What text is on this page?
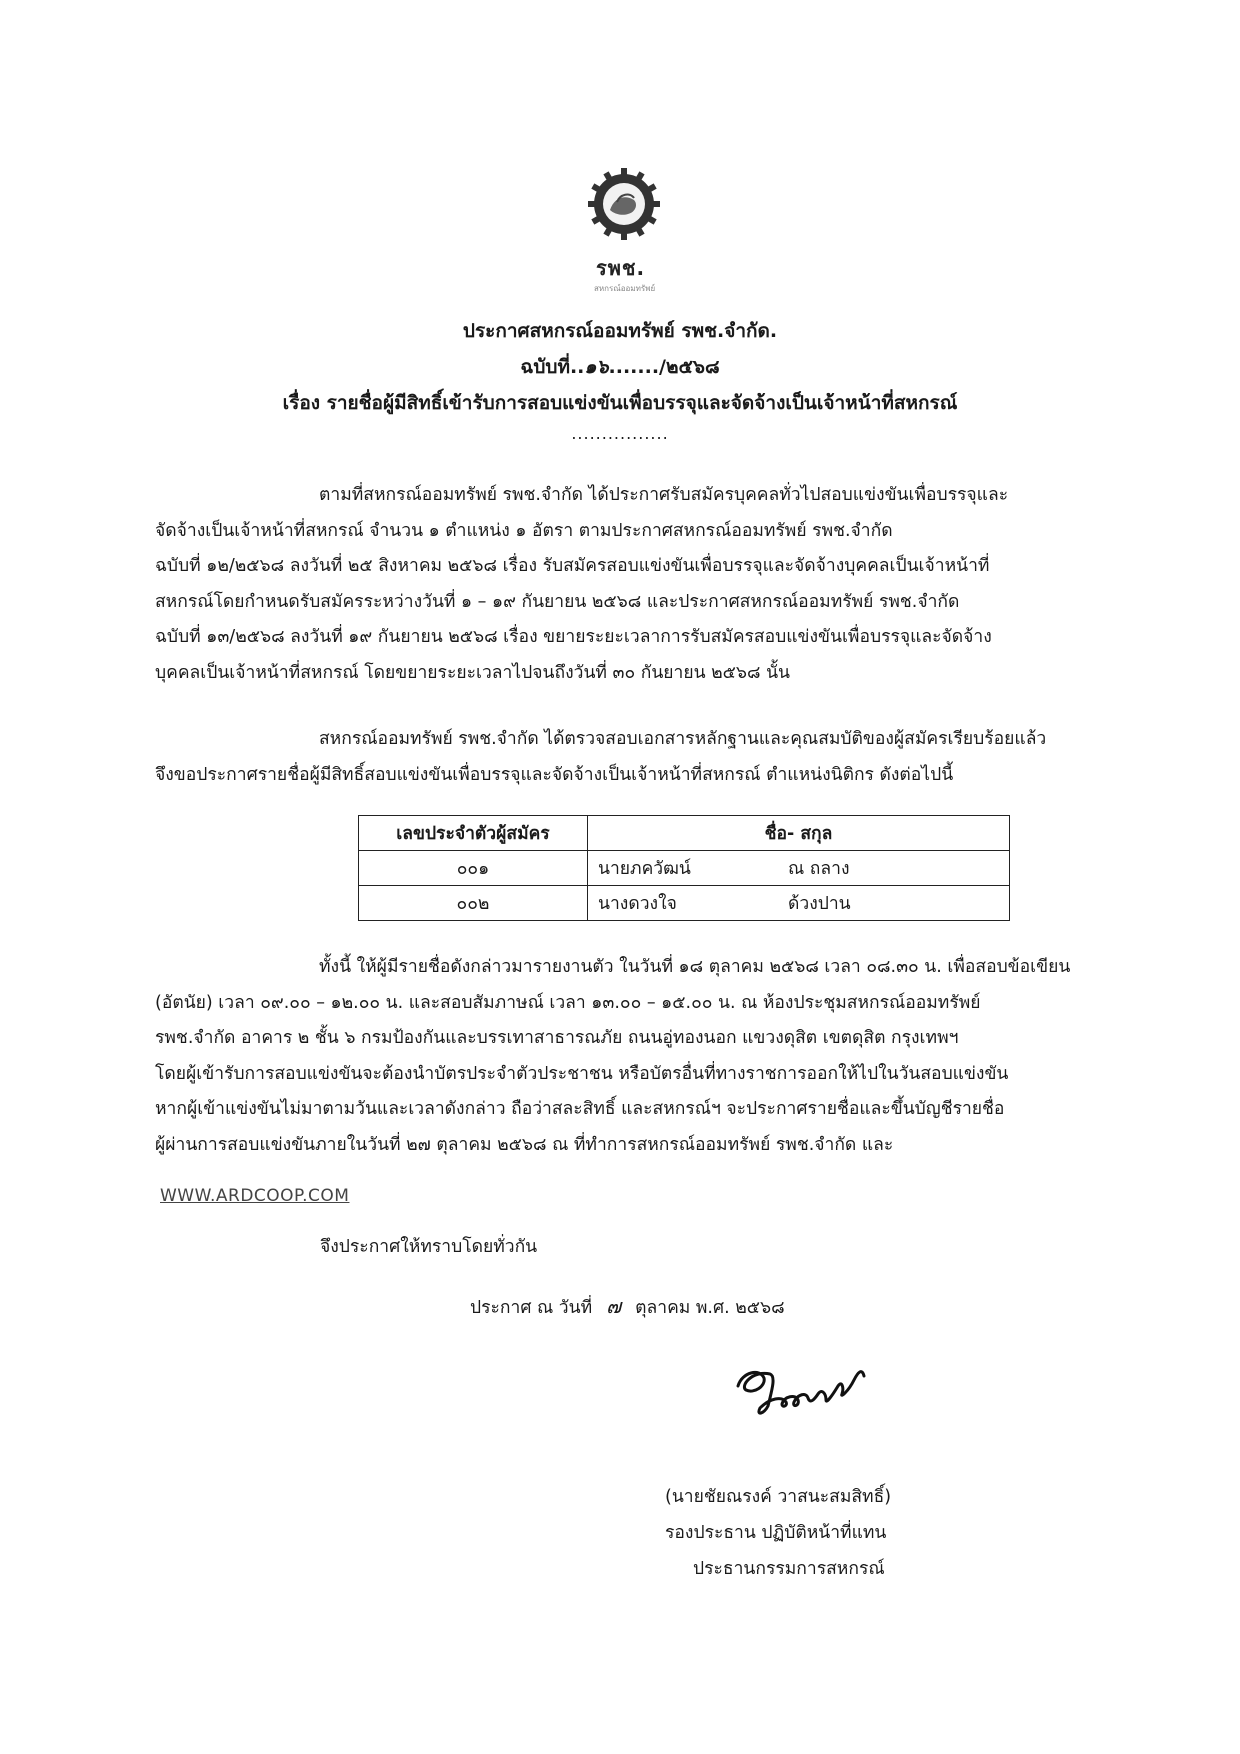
รพช.
สหกรณ์ออมทรัพย์
ประกาศสหกรณ์ออมทรัพย์ รพช.จำกัด.
ฉบับที่..๑๖......./๒๕๖๘
เรื่อง รายชื่อผู้มีสิทธิ์เข้ารับการสอบแข่งขันเพื่อบรรจุและจัดจ้างเป็นเจ้าหน้าที่สหกรณ์
................
ตามที่สหกรณ์ออมทรัพย์ รพช.จำกัด ได้ประกาศรับสมัครบุคคลทั่วไปสอบแข่งขันเพื่อบรรจุและ
จัดจ้างเป็นเจ้าหน้าที่สหกรณ์ จำนวน ๑ ตำแหน่ง ๑ อัตรา ตามประกาศสหกรณ์ออมทรัพย์ รพช.จำกัด
ฉบับที่ ๑๒/๒๕๖๘ ลงวันที่ ๒๕ สิงหาคม ๒๕๖๘ เรื่อง รับสมัครสอบแข่งขันเพื่อบรรจุและจัดจ้างบุคคลเป็นเจ้าหน้าที่
สหกรณ์โดยกำหนดรับสมัครระหว่างวันที่ ๑ – ๑๙ กันยายน ๒๕๖๘ และประกาศสหกรณ์ออมทรัพย์ รพช.จำกัด
ฉบับที่ ๑๓/๒๕๖๘ ลงวันที่ ๑๙ กันยายน ๒๕๖๘ เรื่อง ขยายระยะเวลาการรับสมัครสอบแข่งขันเพื่อบรรจุและจัดจ้าง
บุคคลเป็นเจ้าหน้าที่สหกรณ์ โดยขยายระยะเวลาไปจนถึงวันที่ ๓๐ กันยายน ๒๕๖๘ นั้น
สหกรณ์ออมทรัพย์ รพช.จำกัด ได้ตรวจสอบเอกสารหลักฐานและคุณสมบัติของผู้สมัครเรียบร้อยแล้ว
จึงขอประกาศรายชื่อผู้มีสิทธิ์สอบแข่งขันเพื่อบรรจุและจัดจ้างเป็นเจ้าหน้าที่สหกรณ์ ตำแหน่งนิติกร ดังต่อไปนี้
เลขประจำตัวผู้สมัคร	ชื่อ- สกุล
๐๐๑	นายภควัฒน์ ณ ถลาง
๐๐๒	นางดวงใจ ด้วงปาน
ทั้งนี้ ให้ผู้มีรายชื่อดังกล่าวมารายงานตัว ในวันที่ ๑๘ ตุลาคม ๒๕๖๘ เวลา ๐๘.๓๐ น. เพื่อสอบข้อเขียน
(อัตนัย) เวลา ๐๙.๐๐ – ๑๒.๐๐ น. และสอบสัมภาษณ์ เวลา ๑๓.๐๐ – ๑๕.๐๐ น. ณ ห้องประชุมสหกรณ์ออมทรัพย์
รพช.จำกัด อาคาร ๒ ชั้น ๖ กรมป้องกันและบรรเทาสาธารณภัย ถนนอู่ทองนอก แขวงดุสิต เขตดุสิต กรุงเทพฯ
โดยผู้เข้ารับการสอบแข่งขันจะต้องนำบัตรประจำตัวประชาชน หรือบัตรอื่นที่ทางราชการออกให้ไปในวันสอบแข่งขัน
หากผู้เข้าแข่งขันไม่มาตามวันและเวลาดังกล่าว ถือว่าสละสิทธิ์ และสหกรณ์ฯ จะประกาศรายชื่อและขึ้นบัญชีรายชื่อ
ผู้ผ่านการสอบแข่งขันภายในวันที่ ๒๗ ตุลาคม ๒๕๖๘ ณ ที่ทำการสหกรณ์ออมทรัพย์ รพช.จำกัด และ
WWW.ARDCOOP.COM
จึงประกาศให้ทราบโดยทั่วกัน
ประกาศ ณ วันที่ ๗ ตุลาคม พ.ศ. ๒๕๖๘
(นายชัยณรงค์ วาสนะสมสิทธิ์)
รองประธาน ปฏิบัติหน้าที่แทน
ประธานกรรมการสหกรณ์
